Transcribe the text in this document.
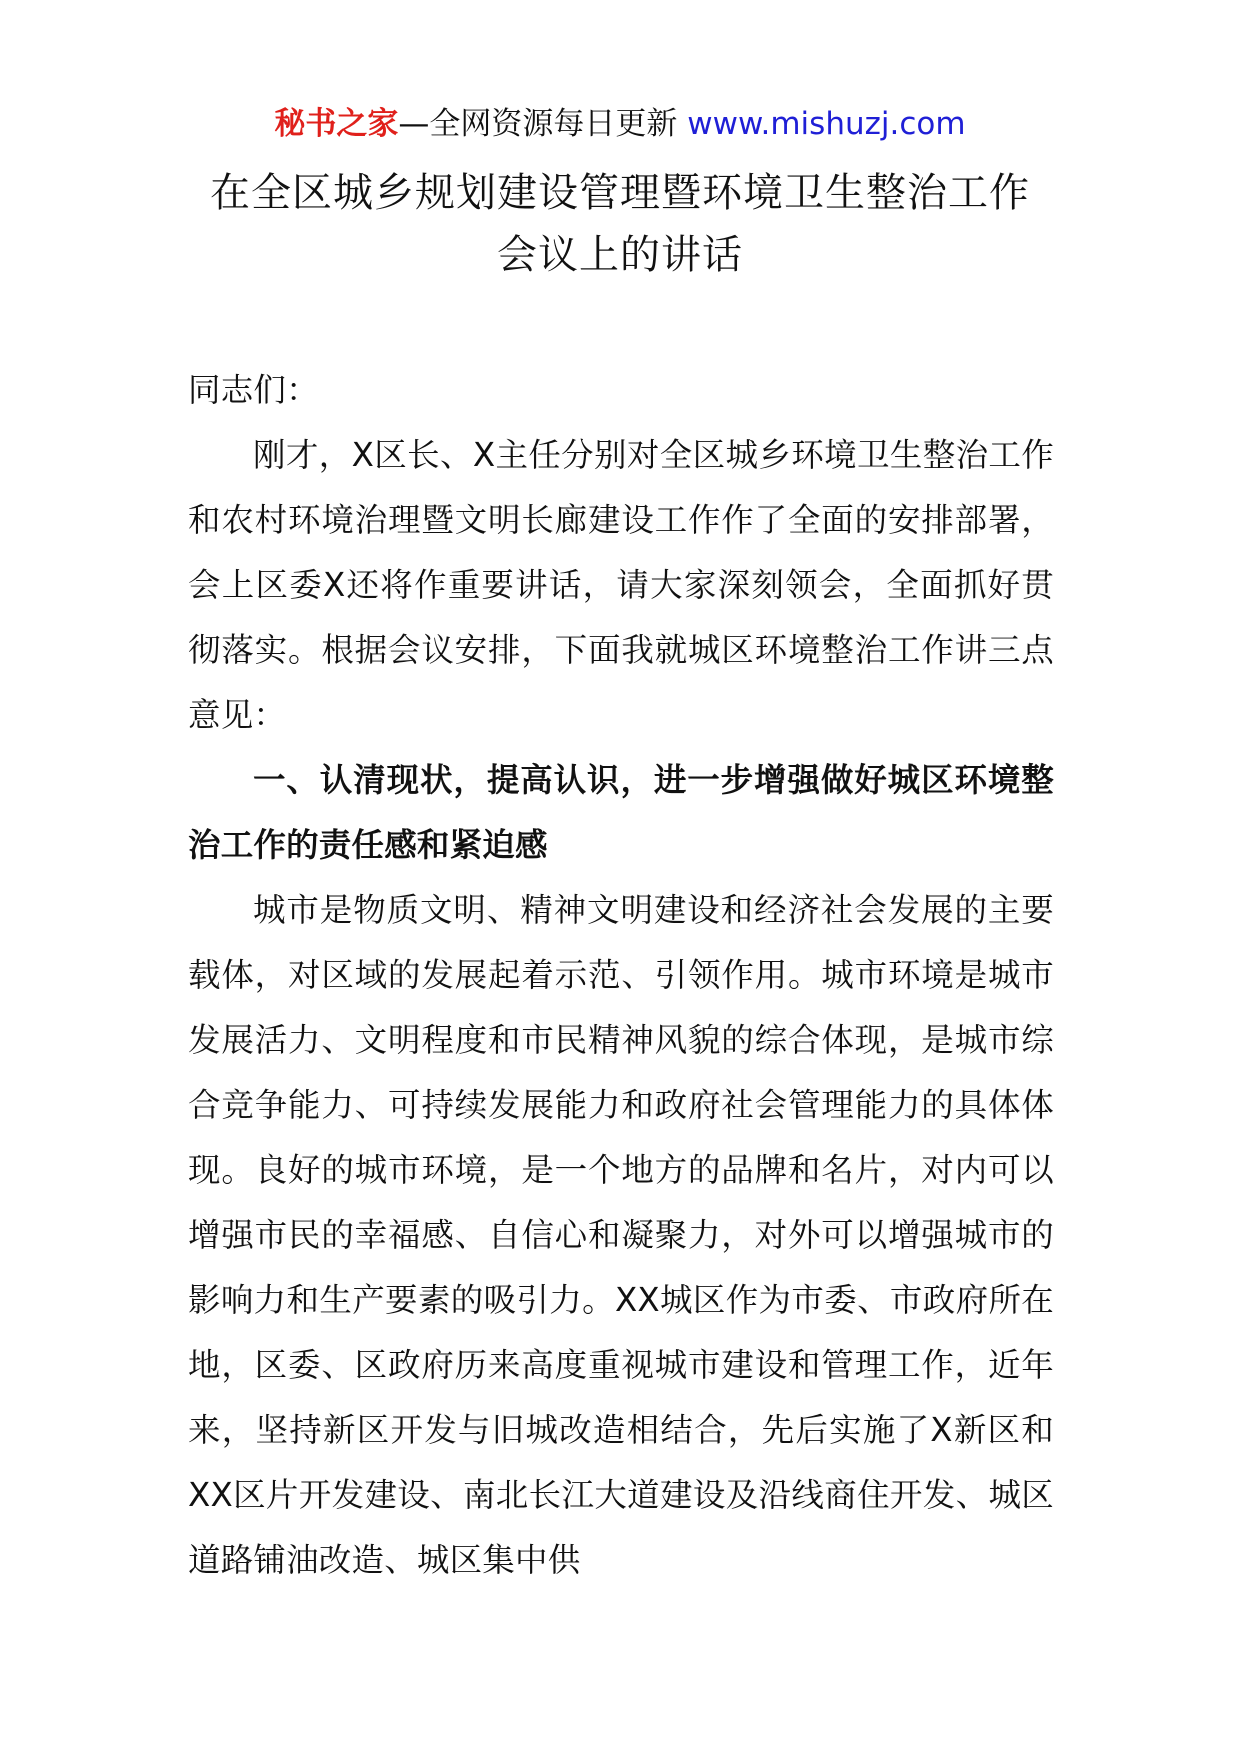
秘书之家—全网资源每日更新 www.mishuzj.com
在全区城乡规划建设管理暨环境卫生整治工作
会议上的讲话

同志们：

刚才，X区长、X主任分别对全区城乡环境卫生整治工作和农村环境治理暨文明长廊建设工作作了全面的安排部署，会上区委X还将作重要讲话，请大家深刻领会，全面抓好贯彻落实。根据会议安排，下面我就城区环境整治工作讲三点意见：

一、认清现状，提高认识，进一步增强做好城区环境整治工作的责任感和紧迫感

城市是物质文明、精神文明建设和经济社会发展的主要载体，对区域的发展起着示范、引领作用。城市环境是城市发展活力、文明程度和市民精神风貌的综合体现，是城市综合竞争能力、可持续发展能力和政府社会管理能力的具体体现。良好的城市环境，是一个地方的品牌和名片，对内可以增强市民的幸福感、自信心和凝聚力，对外可以增强城市的影响力和生产要素的吸引力。XX城区作为市委、市政府所在地，区委、区政府历来高度重视城市建设和管理工作，近年来，坚持新区开发与旧城改造相结合，先后实施了X新区和XX区片开发建设、南北长江大道建设及沿线商住开发、城区道路铺油改造、城区集中供
